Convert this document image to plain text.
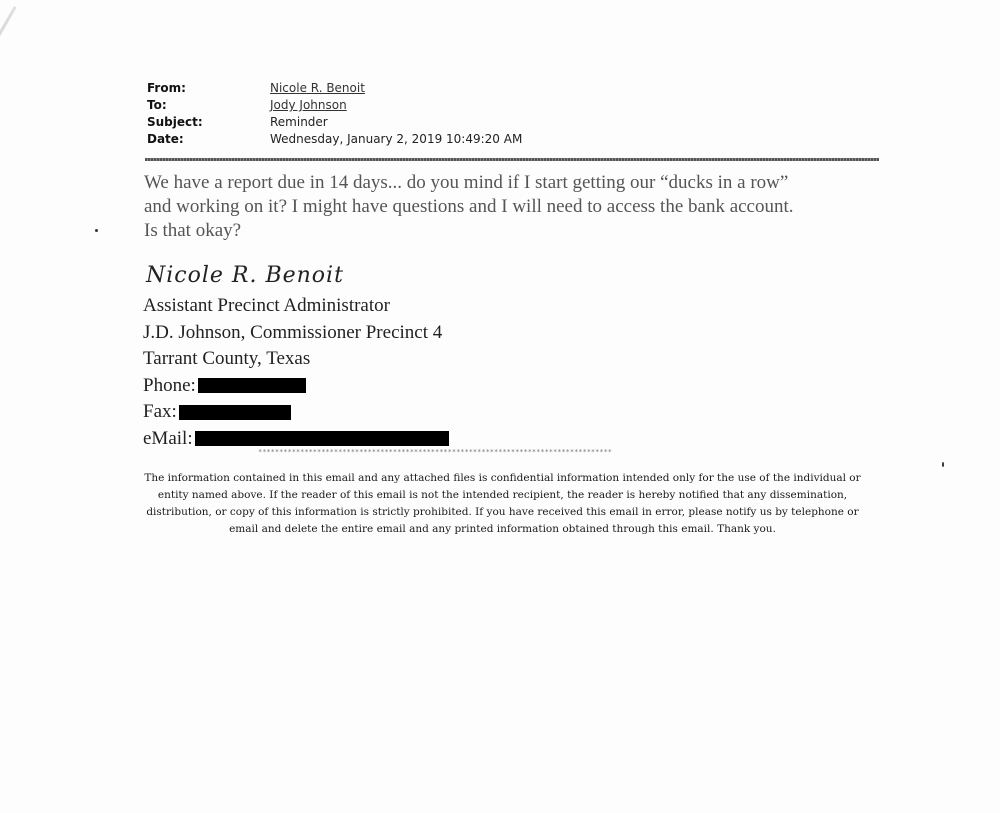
From:	Nicole R. Benoit
To:	Jody Johnson
Subject:	Reminder
Date:	Wednesday, January 2, 2019 10:49:20 AM

We have a report due in 14 days... do you mind if I start getting our “ducks in a row”

and working on it? I might have questions and I will need to access the bank account.

Is that okay?

Nicole R. Benoit
Assistant Precinct Administrator
J.D. Johnson, Commissioner Precinct 4
Tarrant County, Texas
Phone:
Fax:
eMail:
************************************************************************************
The information contained in this email and any attached files is confidential information intended only for the use of the individual or entity named above. If the reader of this email is not the intended recipient, the reader is hereby notified that any dissemination, distribution, or copy of this information is strictly prohibited. If you have received this email in error, please notify us by telephone or email and delete the entire email and any printed information obtained through this email. Thank you.
